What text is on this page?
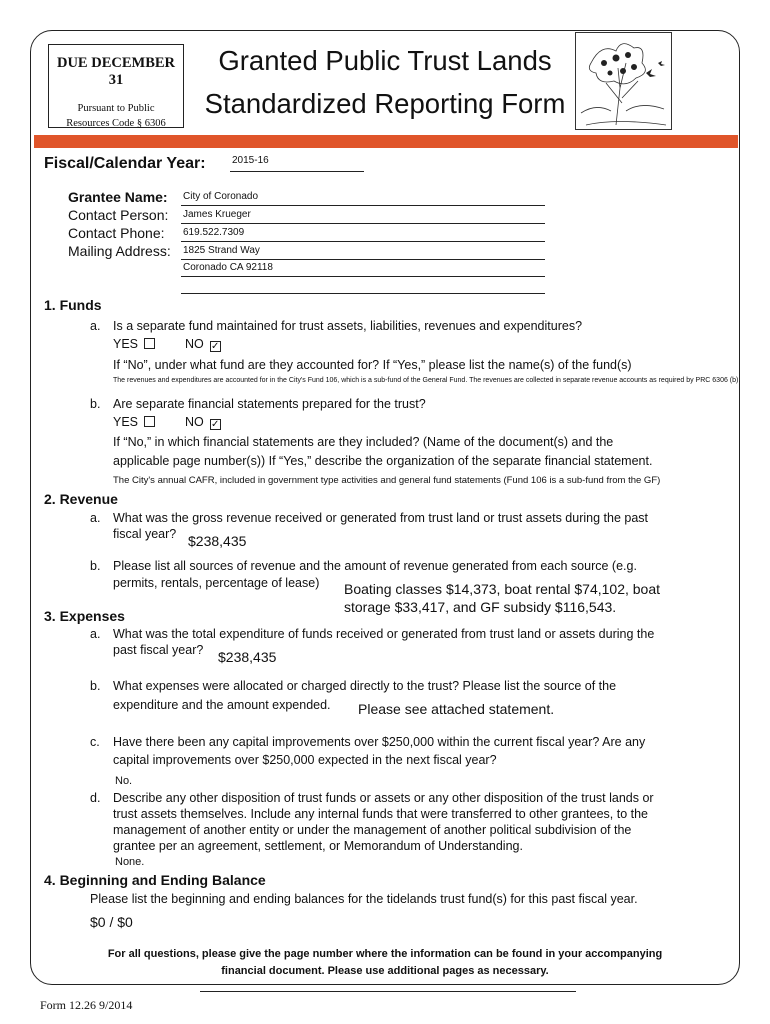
DUE DECEMBER 31
Pursuant to Public
Resources Code § 6306
Granted Public Trust Lands
Standardized Reporting Form
Fiscal/Calendar Year:	2015-16
Grantee Name: City of Coronado
Contact Person: James Krueger
Contact Phone: 619.522.7309
Mailing Address: 1825 Strand Way
Coronado CA 92118
1. Funds
a. Is a separate fund maintained for trust assets, liabilities, revenues and expenditures?
YES	NO ✓
If “No”, under what fund are they accounted for? If “Yes,” please list the name(s) of the fund(s)
The revenues and expenditures are accounted for in the City's Fund 106, which is a sub-fund of the General Fund. The revenues are collected in separate revenue accounts as required by PRC 6306 (b).
b. Are separate financial statements prepared for the trust?
YES	NO ✓
If “No,” in which financial statements are they included? (Name of the document(s) and the
applicable page number(s)) If “Yes,” describe the organization of the separate financial statement.
The City's annual CAFR, included in government type activities and general fund statements (Fund 106 is a sub-fund from the GF)
2. Revenue
a. What was the gross revenue received or generated from trust land or trust assets during the past
fiscal year? $238,435
b. Please list all sources of revenue and the amount of revenue generated from each source (e.g.
permits, rentals, percentage of lease) Boating classes $14,373, boat rental $74,102, boat
storage $33,417, and GF subsidy $116,543.
3. Expenses
a. What was the total expenditure of funds received or generated from trust land or assets during the
past fiscal year? $238,435
b. What expenses were allocated or charged directly to the trust? Please list the source of the
expenditure and the amount expended. Please see attached statement.
c. Have there been any capital improvements over $250,000 within the current fiscal year? Are any
capital improvements over $250,000 expected in the next fiscal year?
No.
d. Describe any other disposition of trust funds or assets or any other disposition of the trust lands or
trust assets themselves. Include any internal funds that were transferred to other grantees, to the
management of another entity or under the management of another political subdivision of the
grantee per an agreement, settlement, or Memorandum of Understanding.
None.
4. Beginning and Ending Balance
Please list the beginning and ending balances for the tidelands trust fund(s) for this past fiscal year.
$0 / $0
For all questions, please give the page number where the information can be found in your accompanying
financial document. Please use additional pages as necessary.
Form 12.26 9/2014
